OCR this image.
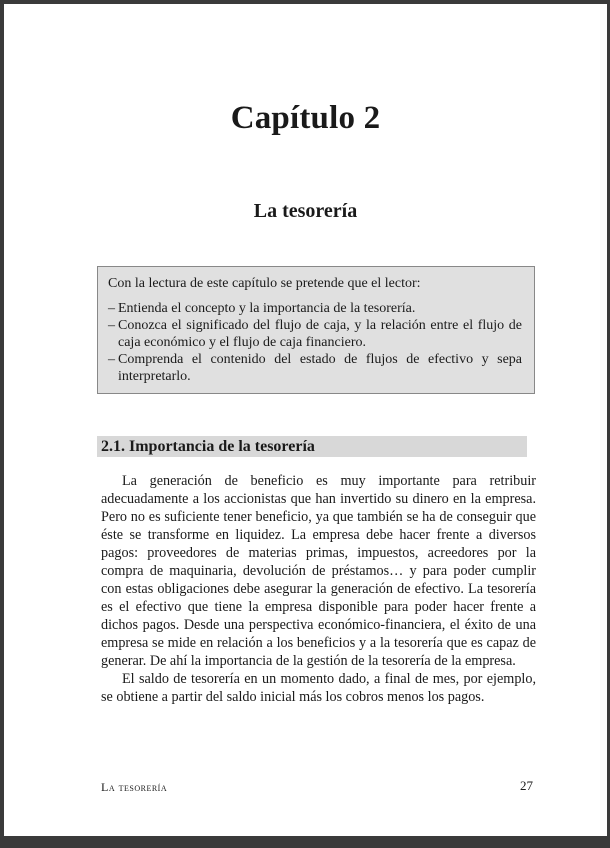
Capítulo 2
La tesorería

Con la lectura de este capítulo se pretende que el lector:

– Entienda el concepto y la importancia de la tesorería.
– Conozca el significado del flujo de caja, y la relación entre el flujo de caja económico y el flujo de caja financiero.
– Comprenda el contenido del estado de flujos de efectivo y sepa interpretarlo.
2.1. Importancia de la tesorería

La generación de beneficio es muy importante para retribuir adecuadamente a los accionistas que han invertido su dinero en la empresa. Pero no es suficiente tener beneficio, ya que también se ha de conseguir que éste se transforme en liquidez. La empresa debe hacer frente a diversos pagos: proveedores de materias primas, impuestos, acreedores por la compra de maquinaria, devolución de préstamos… y para poder cumplir con estas obligaciones debe asegurar la generación de efectivo. La tesorería es el efectivo que tiene la empresa disponible para poder hacer frente a dichos pagos. Desde una perspectiva económico-financiera, el éxito de una empresa se mide en relación a los beneficios y a la tesorería que es capaz de generar. De ahí la importancia de la gestión de la tesorería de la empresa.

El saldo de tesorería en un momento dado, a final de mes, por ejemplo, se obtiene a partir del saldo inicial más los cobros menos los pagos.

La tesorería	27
